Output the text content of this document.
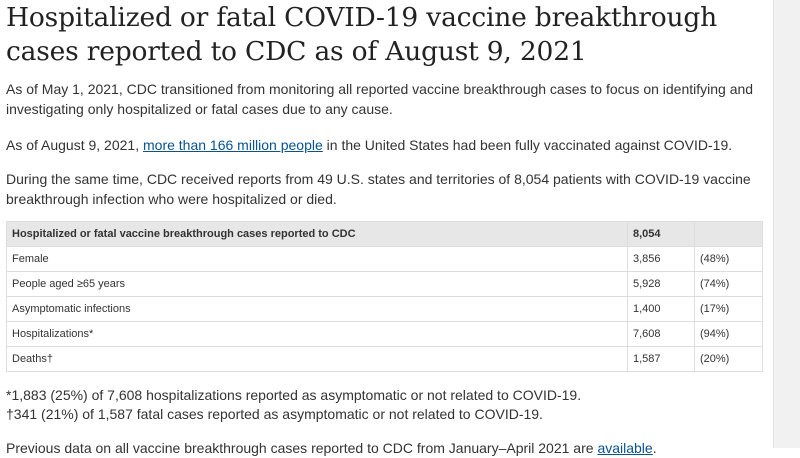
Hospitalized or fatal COVID-19 vaccine breakthrough cases reported to CDC as of August 9, 2021

As of May 1, 2021, CDC transitioned from monitoring all reported vaccine breakthrough cases to focus on identifying and investigating only hospitalized or fatal cases due to any cause.

As of August 9, 2021, more than 166 million people in the United States had been fully vaccinated against COVID-19.

During the same time, CDC received reports from 49 U.S. states and territories of 8,054 patients with COVID-19 vaccine breakthrough infection who were hospitalized or died.

Hospitalized or fatal vaccine breakthrough cases reported to CDC	8,054	
Female	3,856	(48%)
People aged ≥65 years	5,928	(74%)
Asymptomatic infections	1,400	(17%)
Hospitalizations*	7,608	(94%)
Deaths†	1,587	(20%)

*1,883 (25%) of 7,608 hospitalizations reported as asymptomatic or not related to COVID-19.

†341 (21%) of 1,587 fatal cases reported as asymptomatic or not related to COVID-19.

Previous data on all vaccine breakthrough cases reported to CDC from January–April 2021 are available.
